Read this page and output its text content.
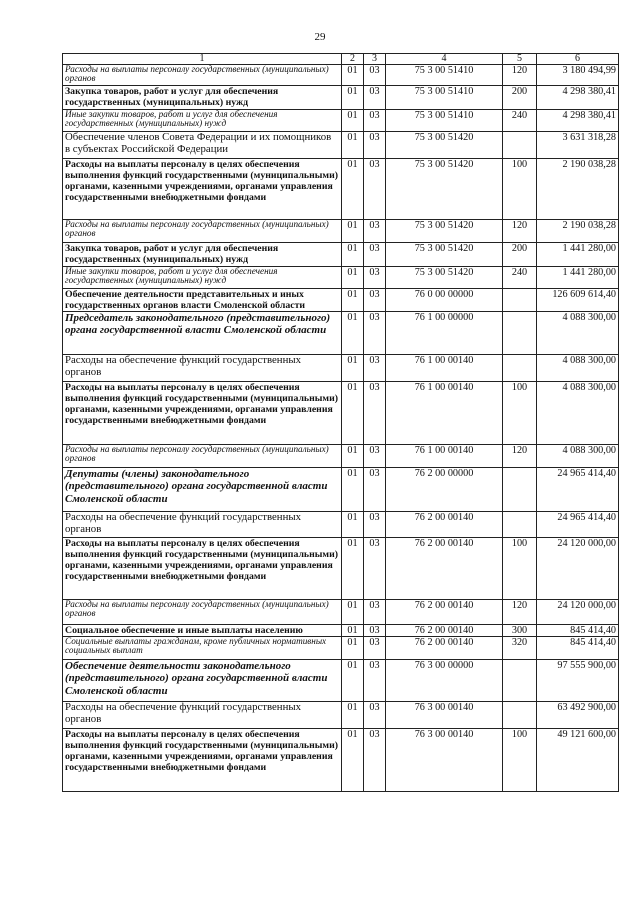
29
1	2	3	4	5	6
Расходы на выплаты персоналу государственных (муниципальных) органов	01	03	75 3 00 51410	120	3 180 494,99
Закупка товаров, работ и услуг для обеспечения государственных (муниципальных) нужд	01	03	75 3 00 51410	200	4 298 380,41
Иные закупки товаров, работ и услуг для обеспечения государственных (муниципальных) нужд	01	03	75 3 00 51410	240	4 298 380,41
Обеспечение членов Совета Федерации и их помощников в субъектах Российской Федерации	01	03	75 3 00 51420		3 631 318,28
Расходы на выплаты персоналу в целях обеспечения выполнения функций государственными (муниципальными) органами, казенными учреждениями, органами управления государственными внебюджетными фондами	01	03	75 3 00 51420	100	2 190 038,28
Расходы на выплаты персоналу государственных (муниципальных) органов	01	03	75 3 00 51420	120	2 190 038,28
Закупка товаров, работ и услуг для обеспечения государственных (муниципальных) нужд	01	03	75 3 00 51420	200	1 441 280,00
Иные закупки товаров, работ и услуг для обеспечения государственных (муниципальных) нужд	01	03	75 3 00 51420	240	1 441 280,00
Обеспечение деятельности представительных и иных государственных органов власти Смоленской области	01	03	76 0 00 00000		126 609 614,40
Председатель законодательного (представительного) органа государственной власти Смоленской области	01	03	76 1 00 00000		4 088 300,00
Расходы на обеспечение функций государственных органов	01	03	76 1 00 00140		4 088 300,00
Расходы на выплаты персоналу в целях обеспечения выполнения функций государственными (муниципальными) органами, казенными учреждениями, органами управления государственными внебюджетными фондами	01	03	76 1 00 00140	100	4 088 300,00
Расходы на выплаты персоналу государственных (муниципальных) органов	01	03	76 1 00 00140	120	4 088 3̀00,00
Депутаты (члены) законодательного (представительного) органа государственной власти Смоленской области	01	03	76 2 00 00000		24 965 414,40
Расходы на обеспечение функций государственных органов	01	03	76 2 00 00140		24 965 414,40
Расходы на выплаты персоналу в целях обеспечения выполнения функций государственными (муниципальными) органами, казенными учреждениями, органами управления государственными внебюджетными фондами	01	03	76 2 00 00140	100	24 120 000,00
Расходы на выплаты персоналу государственных (муниципальных) органов	01	03	76 2 00 00140	120	24 120 000,00
Социальное обеспечение и иные выплаты населению	01	03	76 2 00 00140	300	845 414,40
Социальные выплаты гражданам, кроме публичных нормативных социальных выплат	01	03	76 2 00 00140	320	845 414,40
Обеспечение деятельности законодательного (представительного) органа государственной власти Смоленской области	01	03	76 3 00 00000		97 555 900,00
Расходы на обеспечение функций государственных органов	01	03	76 3 00 00140		63 492 900,00
Расходы на выплаты персоналу в целях обеспечения выполнения функций государственными (муниципальными) органами, казенными учреждениями, органами управления государственными внебюджетными фондами	01	03	76 3 00 00140	100	49 121 600,00
